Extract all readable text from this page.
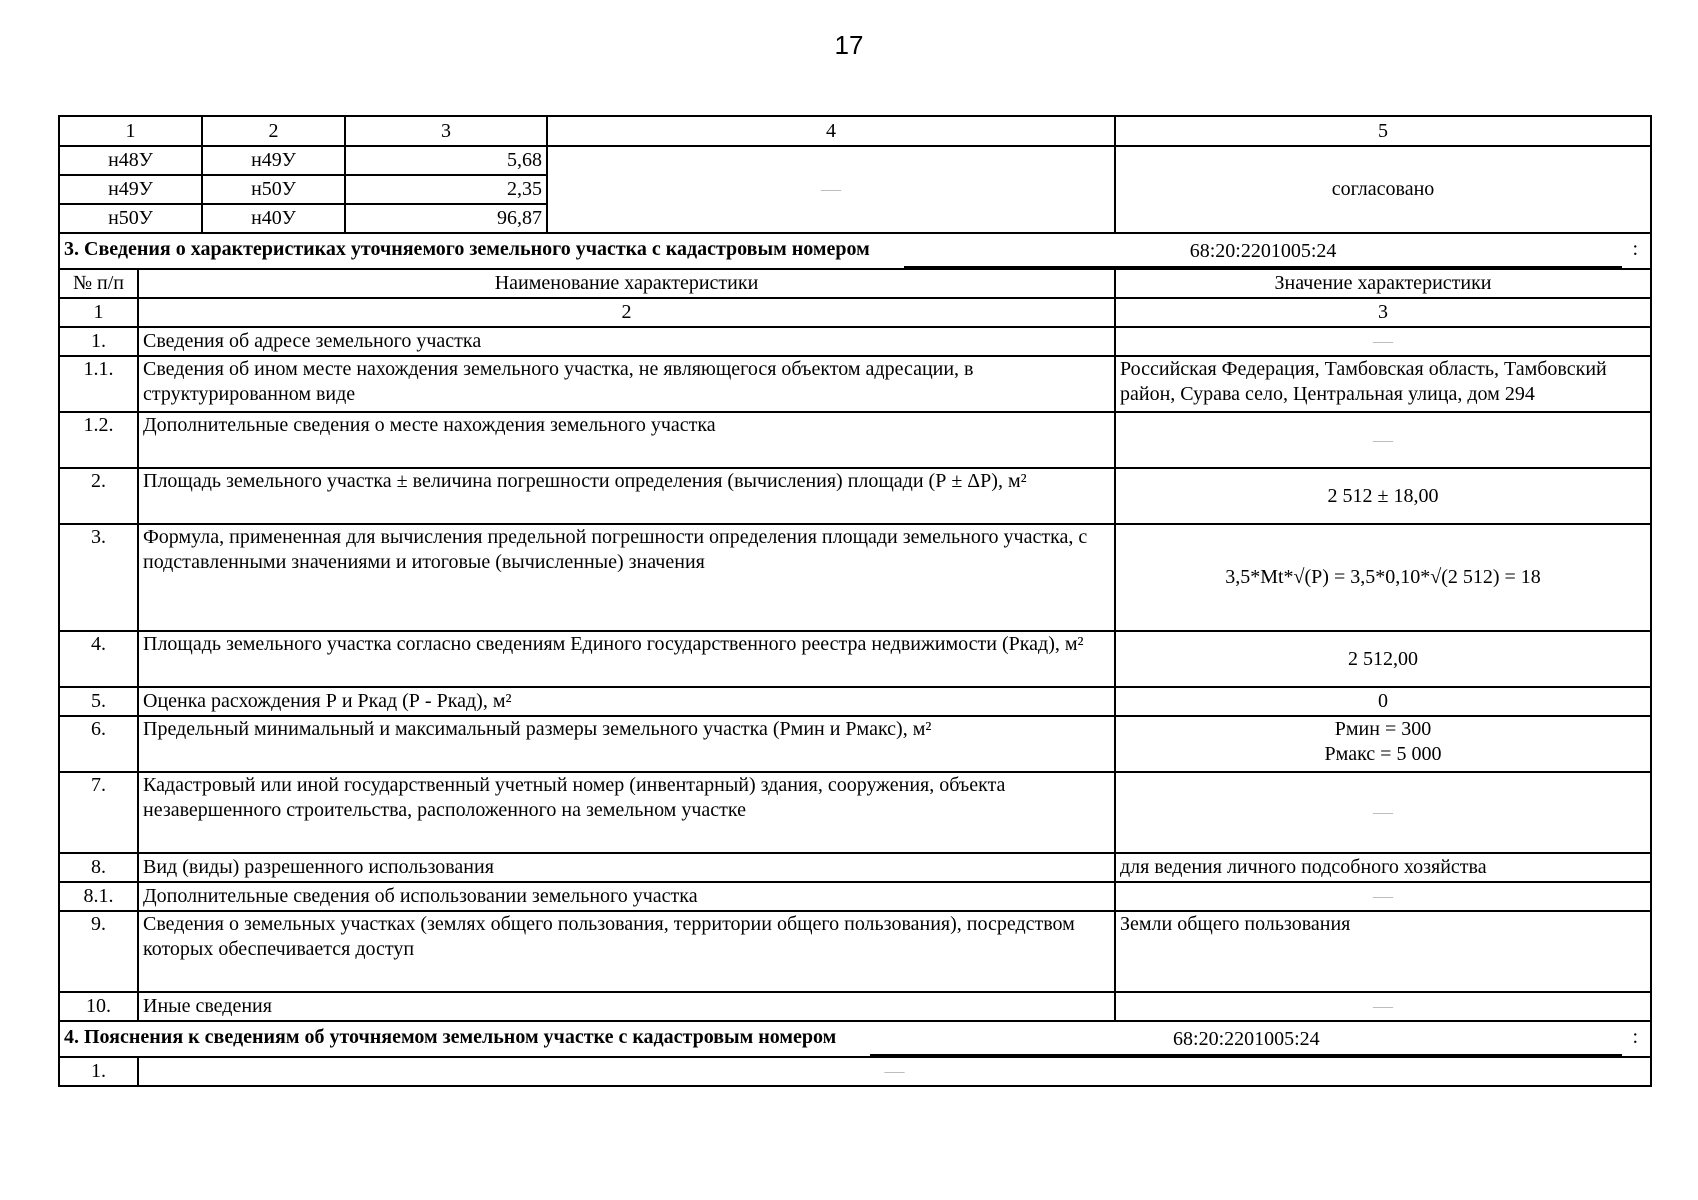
17
1		2	3	4	5
н48У		н49У	5,68	—	согласовано
н49У		н50У	2,35		
н50У		н40У	96,87		

3. Сведения о характеристиках уточняемого земельного участка с кадастровым номером 68:20:2201005:24 :					

№ п/п	Наименование характеристики				Значение характеристики
1	2				3
1.	Сведения об адресе земельного участка				—
1.1.	Сведения об ином месте нахождения земельного участка, не являющегося объектом адресации, в структурированном виде				Российская Федерация, Тамбовская область, Тамбовский район, Сурава село, Центральная улица, дом 294
1.2.	Дополнительные сведения о месте нахождения земельного участка				—
2.	Площадь земельного участка ± величина погрешности определения (вычисления) площади (Р ± ΔР), м²				2 512 ± 18,00
3.	Формула, примененная для вычисления предельной погрешности определения площади земельного участка, с подставленными значениями и итоговые (вычисленные) значения				3,5*Mt*√(Р) = 3,5*0,10*√(2 512) = 18
4.	Площадь земельного участка согласно сведениям Единого государственного реестра недвижимости (Ркад), м²				2 512,00
5.	Оценка расхождения Р и Ркад (Р - Ркад), м²				0
6.	Предельный минимальный и максимальный размеры земельного участка (Рмин и Рмакс), м²				Рмин = 300
Рмакс = 5 000

7.	Кадастровый или иной государственный учетный номер (инвентарный) здания, сооружения, объекта незавершенного строительства, расположенного на земельном участке				—
8.	Вид (виды) разрешенного использования				для ведения личного подсобного хозяйства
8.1.	Дополнительные сведения об использовании земельного участка				—
9.	Сведения о земельных участках (землях общего пользования, территории общего пользования), посредством которых обеспечивается доступ				Земли общего пользования
10.	Иные сведения				—

4. Пояснения к сведениям об уточняемом земельном участке с кадастровым номером 68:20:2201005:24 :					

1.	—				
